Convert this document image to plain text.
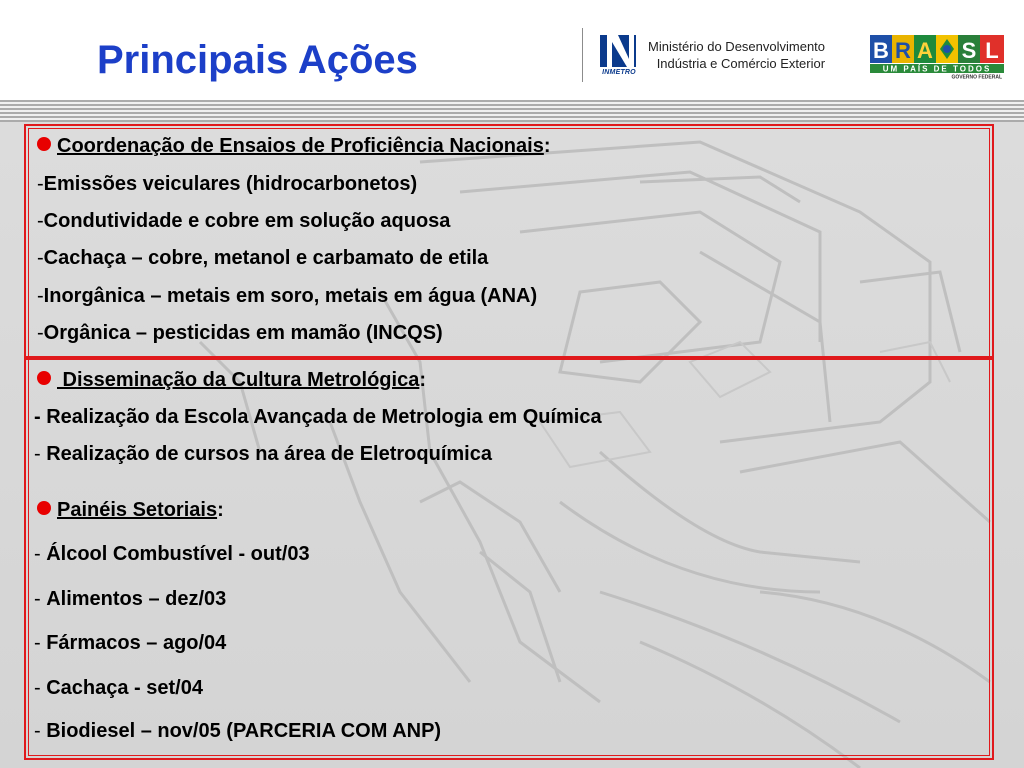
Principais Ações	INMETRO
Ministério do Desenvolvimento
Indústria e Comércio Exterior
B R A S L
UM PAÍS DE TODOS
GOVERNO FEDERAL

Coordenação de Ensaios de Proficiência Nacionais:

-Emissões veiculares (hidrocarbonetos)

-Condutividade e cobre em solução aquosa

-Cachaça – cobre, metanol e carbamato de etila

-Inorgânica – metais em soro, metais em água (ANA)

-Orgânica – pesticidas em mamão (INCQS)

Disseminação da Cultura Metrológica:

- Realização da Escola Avançada de Metrologia em Química

- Realização de cursos na área de Eletroquímica

Painéis Setoriais:

- Álcool Combustível - out/03

- Alimentos – dez/03

- Fármacos – ago/04

- Cachaça - set/04

- Biodiesel – nov/05 (PARCERIA COM ANP)
